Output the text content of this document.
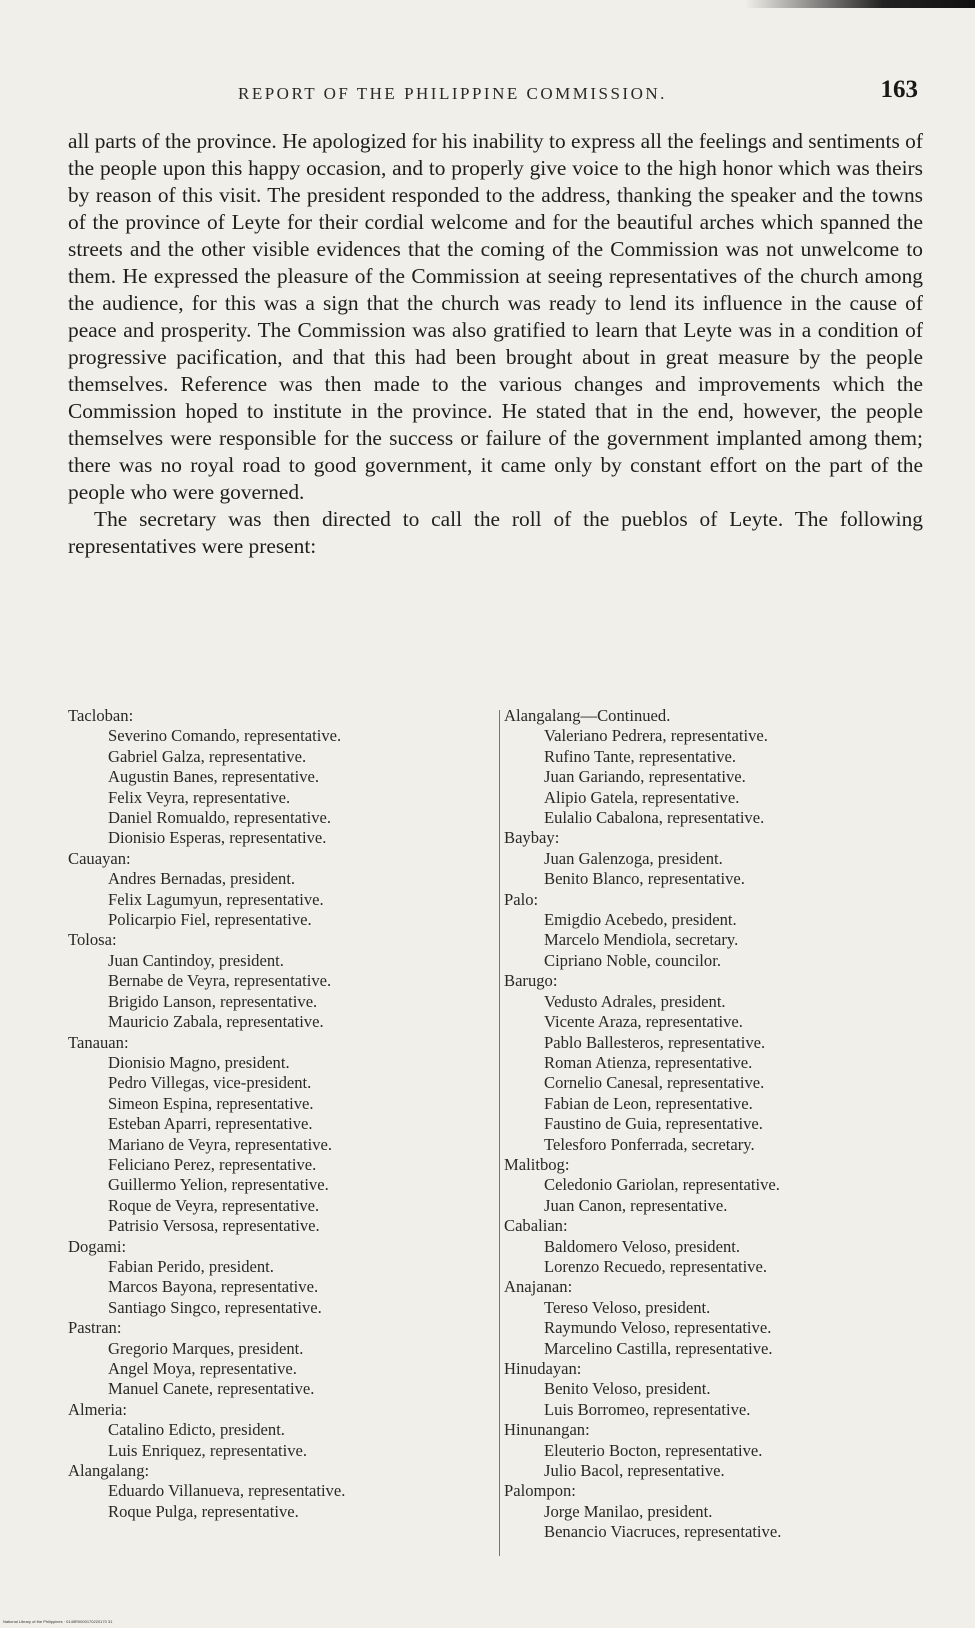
REPORT OF THE PHILIPPINE COMMISSION.	163

all parts of the province. He apologized for his inability to express all the feelings and sentiments of the people upon this happy occasion, and to properly give voice to the high honor which was theirs by reason of this visit. The president responded to the address, thanking the speaker and the towns of the province of Leyte for their cordial welcome and for the beautiful arches which spanned the streets and the other visible evidences that the coming of the Commission was not unwelcome to them. He expressed the pleasure of the Commission at seeing representatives of the church among the audience, for this was a sign that the church was ready to lend its influence in the cause of peace and prosperity. The Commission was also gratified to learn that Leyte was in a condition of progressive pacification, and that this had been brought about in great measure by the people themselves. Reference was then made to the various changes and improvements which the Commission hoped to institute in the province. He stated that in the end, however, the people themselves were responsible for the success or failure of the government implanted among them; there was no royal road to good government, it came only by constant effort on the part of the people who were governed.

The secretary was then directed to call the roll of the pueblos of Leyte. The following representatives were present:

Tacloban:
Severino Comando, representative.
Gabriel Galza, representative.
Augustin Banes, representative.
Felix Veyra, representative.
Daniel Romualdo, representative.
Dionisio Esperas, representative.
Cauayan:
Andres Bernadas, president.
Felix Lagumyun, representative.
Policarpio Fiel, representative.
Tolosa:
Juan Cantindoy, president.
Bernabe de Veyra, representative.
Brigido Lanson, representative.
Mauricio Zabala, representative.
Tanauan:
Dionisio Magno, president.
Pedro Villegas, vice-president.
Simeon Espina, representative.
Esteban Aparri, representative.
Mariano de Veyra, representative.
Feliciano Perez, representative.
Guillermo Yelion, representative.
Roque de Veyra, representative.
Patrisio Versosa, representative.
Dogami:
Fabian Perido, president.
Marcos Bayona, representative.
Santiago Singco, representative.
Pastran:
Gregorio Marques, president.
Angel Moya, representative.
Manuel Canete, representative.
Almeria:
Catalino Edicto, president.
Luis Enriquez, representative.
Alangalang:
Eduardo Villanueva, representative.
Roque Pulga, representative.
Alangalang—Continued.
Valeriano Pedrera, representative.
Rufino Tante, representative.
Juan Gariando, representative.
Alipio Gatela, representative.
Eulalio Cabalona, representative.
Baybay:
Juan Galenzoga, president.
Benito Blanco, representative.
Palo:
Emigdio Acebedo, president.
Marcelo Mendiola, secretary.
Cipriano Noble, councilor.
Barugo:
Vedusto Adrales, president.
Vicente Araza, representative.
Pablo Ballesteros, representative.
Roman Atienza, representative.
Cornelio Canesal, representative.
Fabian de Leon, representative.
Faustino de Guia, representative.
Telesforo Ponferrada, secretary.
Malitbog:
Celedonio Gariolan, representative.
Juan Canon, representative.
Cabalian:
Baldomero Veloso, president.
Lorenzo Recuedo, representative.
Anajanan:
Tereso Veloso, president.
Raymundo Veloso, representative.
Marcelino Castilla, representative.
Hinudayan:
Benito Veloso, president.
Luis Borromeo, representative.
Hinunangan:
Eleuterio Bocton, representative.
Julio Bacol, representative.
Palompon:
Jorge Manilao, president.
Benancio Viacruces, representative.
National Library of the Philippines · 0145R0000170220170 31
